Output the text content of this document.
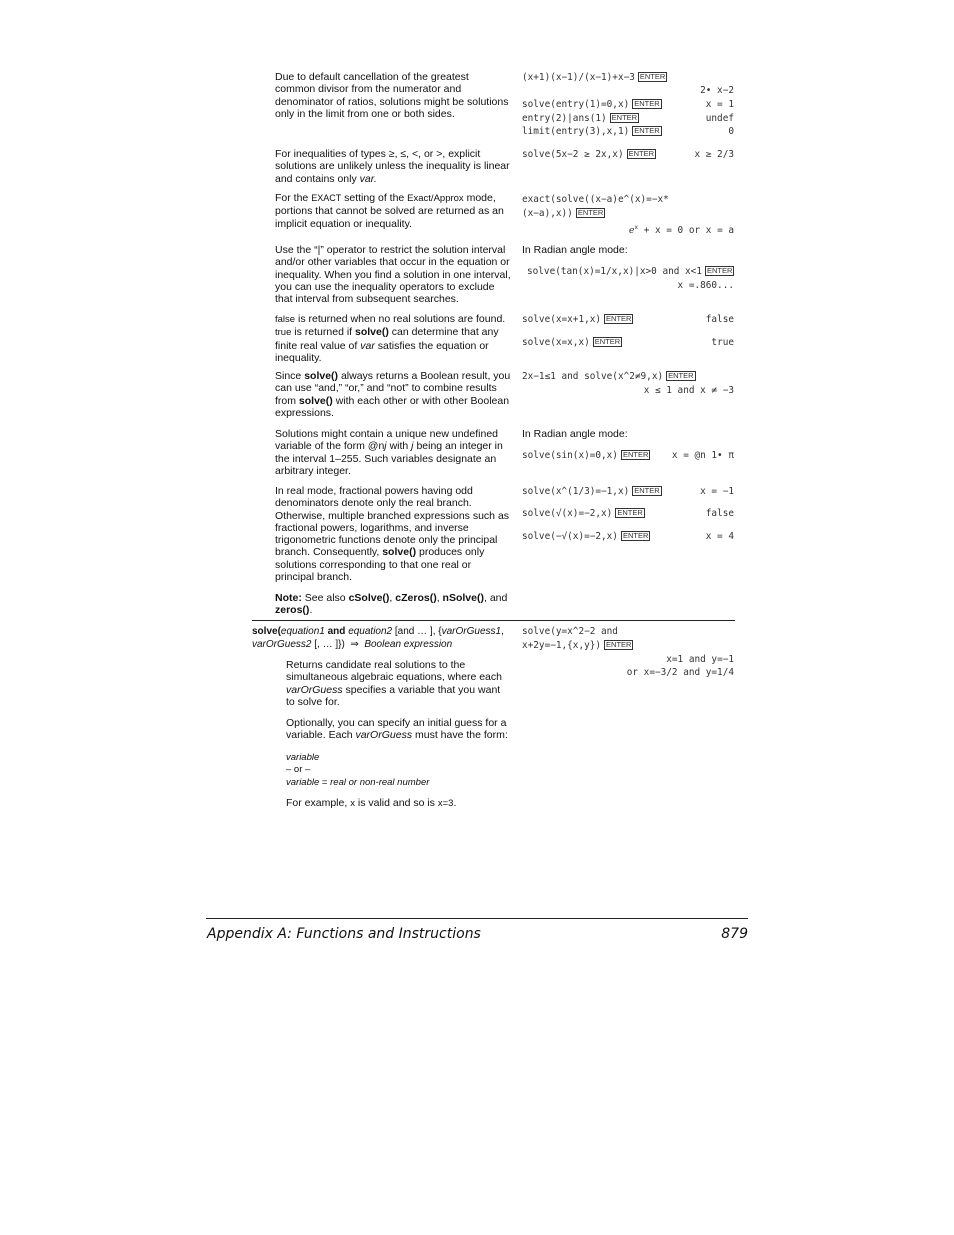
Due to default cancellation of the greatest common divisor from the numerator and denominator of ratios, solutions might be solutions only in the limit from one or both sides.
(x+1)(x−1)/(x−1)+x−3 ENTER
2• x−2
solve(entry(1)=0,x) ENTER	x = 1
entry(2)|ans(1) ENTER	undef
limit(entry(3),x,1) ENTER	0
For inequalities of types ≥, ≤, <, or >, explicit solutions are unlikely unless the inequality is linear and contains only var.
solve(5x−2 ≥ 2x,x) ENTER	x ≥ 2/3
For the EXACT setting of the Exact/Approx mode, portions that cannot be solved are returned as an implicit equation or inequality.
exact(solve((x−a)e^(x)=−x*
(x−a),x)) ENTER
$e^x + x = 0$ or x = a
Use the “|” operator to restrict the solution interval and/or other variables that occur in the equation or inequality. When you find a solution in one interval, you can use the inequality operators to exclude that interval from subsequent searches.
In Radian angle mode:
solve(tan(x)=1/x,x)|x>0 and x<1 ENTER
x =.860...
false is returned when no real solutions are found. true is returned if solve() can determine that any finite real value of var satisfies the equation or inequality.
solve(x=x+1,x) ENTER	false
solve(x=x,x) ENTER	true
Since solve() always returns a Boolean result, you can use “and,” “or,” and “not” to combine results from solve() with each other or with other Boolean expressions.
2x−1≤1 and solve(x^2≠9,x) ENTER
x ≤ 1 and x ≠ −3
Solutions might contain a unique new undefined variable of the form @nj with j being an integer in the interval 1–255. Such variables designate an arbitrary integer.
In Radian angle mode:
solve(sin(x)=0,x) ENTER	x = @n 1• π
In real mode, fractional powers having odd denominators denote only the real branch. Otherwise, multiple branched expressions such as fractional powers, logarithms, and inverse trigonometric functions denote only the principal branch. Consequently, solve() produces only solutions corresponding to that one real or principal branch.
solve(x^(1/3)=−1,x) ENTER	x = −1
solve(√(x)=−2,x) ENTER	false
solve(−√(x)=−2,x) ENTER	x = 4
Note: See also cSolve(), cZeros(), nSolve(), and zeros().
solve(equation1 and equation2 [and … ], {varOrGuess1, varOrGuess2 [, … ]}) ⇒ Boolean expression
solve(y=x^2−2 and
x+2y=−1,{x,y}) ENTER
x=1 and y=−1
or x=−3/2 and y=1/4
Returns candidate real solutions to the simultaneous algebraic equations, where each varOrGuess specifies a variable that you want to solve for.
Optionally, you can specify an initial guess for a variable. Each varOrGuess must have the form:
variable
– or –
variable = real or non-real number
For example, x is valid and so is x=3.
Appendix A: Functions and Instructions	879
